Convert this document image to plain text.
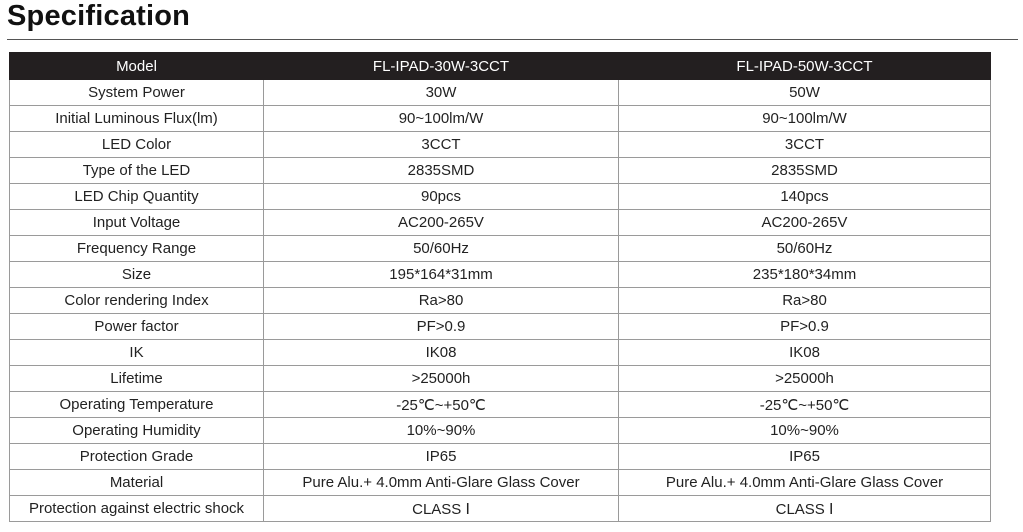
Specification
Model	FL-IPAD-30W-3CCT	FL-IPAD-50W-3CCT
System Power	30W	50W
Initial Luminous Flux(lm)	90~100lm/W	90~100lm/W
LED Color	3CCT	3CCT
Type of the LED	2835SMD	2835SMD
LED Chip Quantity	90pcs	140pcs
Input Voltage	AC200-265V	AC200-265V
Frequency Range	50/60Hz	50/60Hz
Size	195*164*31mm	235*180*34mm
Color rendering Index	Ra>80	Ra>80
Power factor	PF>0.9	PF>0.9
IK	IK08	IK08
Lifetime	>25000h	>25000h
Operating Temperature	-25℃~+50℃	-25℃~+50℃
Operating Humidity	10%~90%	10%~90%
Protection Grade	IP65	IP65
Material	Pure Alu.+ 4.0mm Anti-Glare Glass Cover	Pure Alu.+ 4.0mm Anti-Glare Glass Cover
Protection against electric shock	CLASS Ⅰ	CLASS Ⅰ
